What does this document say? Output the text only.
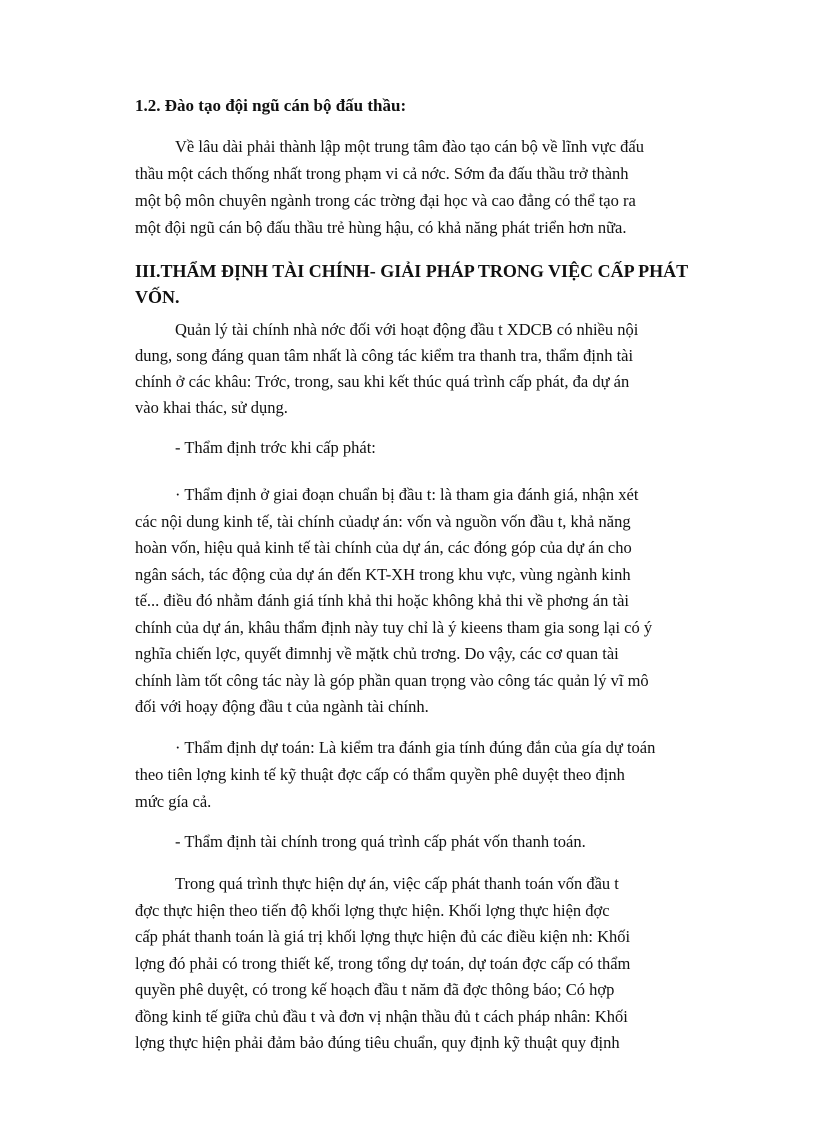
1.2. Đào tạo đội ngũ cán bộ đấu thầu:
Về lâu dài phải thành lập một trung tâm đào tạo cán bộ về lĩnh vực đấu
thầu một cách thống nhất trong phạm vi cả nớc. Sớm đa đấu thầu trở thành
một bộ môn chuyên ngành trong các trờng đại học và cao đẳng có thể tạo ra
một đội ngũ cán bộ đấu thầu trẻ hùng hậu, có khả năng phát triển hơn nữa.
III.THẨM ĐỊNH TÀI CHÍNH- GIẢI PHÁP TRONG VIỆC CẤP PHÁT
VỐN.
Quản lý tài chính nhà nớc đối với hoạt động đầu t XDCB có nhiều nội
dung, song đáng quan tâm nhất là công tác kiểm tra thanh tra, thẩm định tài
chính ở các khâu: Trớc, trong, sau khi kết thúc quá trình cấp phát, đa dự án
vào khai thác, sử dụng.
- Thẩm định trớc khi cấp phát:
· Thẩm định ở giai đoạn chuẩn bị đầu t: là tham gia đánh giá, nhận xét
các nội dung kinh tế, tài chính củadự án: vốn và nguồn vốn đầu t, khả năng
hoàn vốn, hiệu quả kinh tế tài chính của dự án, các đóng góp của dự án cho
ngân sách, tác động của dự án đến KT-XH trong khu vực, vùng ngành kinh
tế... điều đó nhằm đánh giá tính khả thi hoặc không khả thi về phơng án tài
chính của dự án, khâu thẩm định này tuy chỉ là ý kieens tham gia song lại có ý
nghĩa chiến lợc, quyết đimnhj về mặtk chủ trơng. Do vậy, các cơ quan tài
chính làm tốt công tác này là góp phần quan trọng vào công tác quản lý vĩ mô
đối với hoạy động đầu t của ngành tài chính.
· Thẩm định dự toán: Là kiểm tra đánh gia tính đúng đắn của gía dự toán
theo tiên lợng kinh tế kỹ thuật đợc cấp có thẩm quyền phê duyệt theo định
mức gía cả.
- Thẩm định tài chính trong quá trình cấp phát vốn thanh toán.
Trong quá trình thực hiện dự án, việc cấp phát thanh toán vốn đầu t
đợc thực hiện theo tiến độ khối lợng thực hiện. Khối lợng thực hiện đợc
cấp phát thanh toán là giá trị khối lợng thực hiện đủ các điều kiện nh: Khối
lợng đó phải có trong thiết kế, trong tổng dự toán, dự toán đợc cấp có thẩm
quyền phê duyệt, có trong kế hoạch đầu t năm đã đợc thông báo; Có hợp
đồng kinh tế giữa chủ đầu t và đơn vị nhận thầu đủ t cách pháp nhân: Khối
lợng thực hiện phải đảm bảo đúng tiêu chuẩn, quy định kỹ thuật quy định
